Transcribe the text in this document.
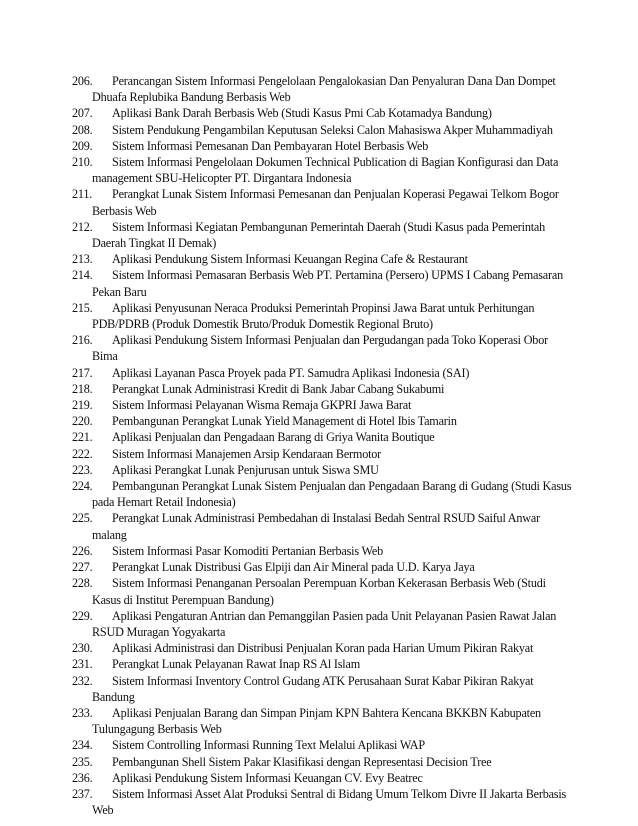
206. Perancangan Sistem Informasi Pengelolaan Pengalokasian Dan Penyaluran Dana Dan Dompet Dhuafa Replubika Bandung Berbasis Web
207. Aplikasi Bank Darah Berbasis Web (Studi Kasus Pmi Cab Kotamadya Bandung)
208. Sistem Pendukung Pengambilan Keputusan Seleksi Calon Mahasiswa Akper Muhammadiyah
209. Sistem Informasi Pemesanan Dan Pembayaran Hotel Berbasis Web
210. Sistem Informasi Pengelolaan Dokumen Technical Publication di Bagian Konfigurasi dan Data management SBU-Helicopter PT. Dirgantara Indonesia
211. Perangkat Lunak Sistem Informasi Pemesanan dan Penjualan Koperasi Pegawai Telkom Bogor Berbasis Web
212. Sistem Informasi Kegiatan Pembangunan Pemerintah Daerah (Studi Kasus pada Pemerintah Daerah Tingkat II Demak)
213. Aplikasi Pendukung Sistem Informasi Keuangan Regina Cafe & Restaurant
214. Sistem Informasi Pemasaran Berbasis Web PT. Pertamina (Persero) UPMS I Cabang Pemasaran Pekan Baru
215. Aplikasi Penyusunan Neraca Produksi Pemerintah Propinsi Jawa Barat untuk Perhitungan PDB/PDRB (Produk Domestik Bruto/Produk Domestik Regional Bruto)
216. Aplikasi Pendukung Sistem Informasi Penjualan dan Pergudangan pada Toko Koperasi Obor Bima
217. Aplikasi Layanan Pasca Proyek pada PT. Samudra Aplikasi Indonesia (SAI)
218. Perangkat Lunak Administrasi Kredit di Bank Jabar Cabang Sukabumi
219. Sistem Informasi Pelayanan Wisma Remaja GKPRI Jawa Barat
220. Pembangunan Perangkat Lunak Yield Management di Hotel Ibis Tamarin
221. Aplikasi Penjualan dan Pengadaan Barang di Griya Wanita Boutique
222. Sistem Informasi Manajemen Arsip Kendaraan Bermotor
223. Aplikasi Perangkat Lunak Penjurusan untuk Siswa SMU
224. Pembangunan Perangkat Lunak Sistem Penjualan dan Pengadaan Barang di Gudang (Studi Kasus pada Hemart Retail Indonesia)
225. Perangkat Lunak Administrasi Pembedahan di Instalasi Bedah Sentral RSUD Saiful Anwar malang
226. Sistem Informasi Pasar Komoditi Pertanian Berbasis Web
227. Perangkat Lunak Distribusi Gas Elpiji dan Air Mineral pada U.D. Karya Jaya
228. Sistem Informasi Penanganan Persoalan Perempuan Korban Kekerasan Berbasis Web (Studi Kasus di Institut Perempuan Bandung)
229. Aplikasi Pengaturan Antrian dan Pemanggilan Pasien pada Unit Pelayanan Pasien Rawat Jalan RSUD Muragan Yogyakarta
230. Aplikasi Administrasi dan Distribusi Penjualan Koran pada Harian Umum Pikiran Rakyat
231. Perangkat Lunak Pelayanan Rawat Inap RS Al Islam
232. Sistem Informasi Inventory Control Gudang ATK Perusahaan Surat Kabar Pikiran Rakyat Bandung
233. Aplikasi Penjualan Barang dan Simpan Pinjam KPN Bahtera Kencana BKKBN Kabupaten Tulungagung Berbasis Web
234. Sistem Controlling Informasi Running Text Melalui Aplikasi WAP
235. Pembangunan Shell Sistem Pakar Klasifikasi dengan Representasi Decision Tree
236. Aplikasi Pendukung Sistem Informasi Keuangan CV. Evy Beatrec
237. Sistem Informasi Asset Alat Produksi Sentral di Bidang Umum Telkom Divre II Jakarta Berbasis Web
